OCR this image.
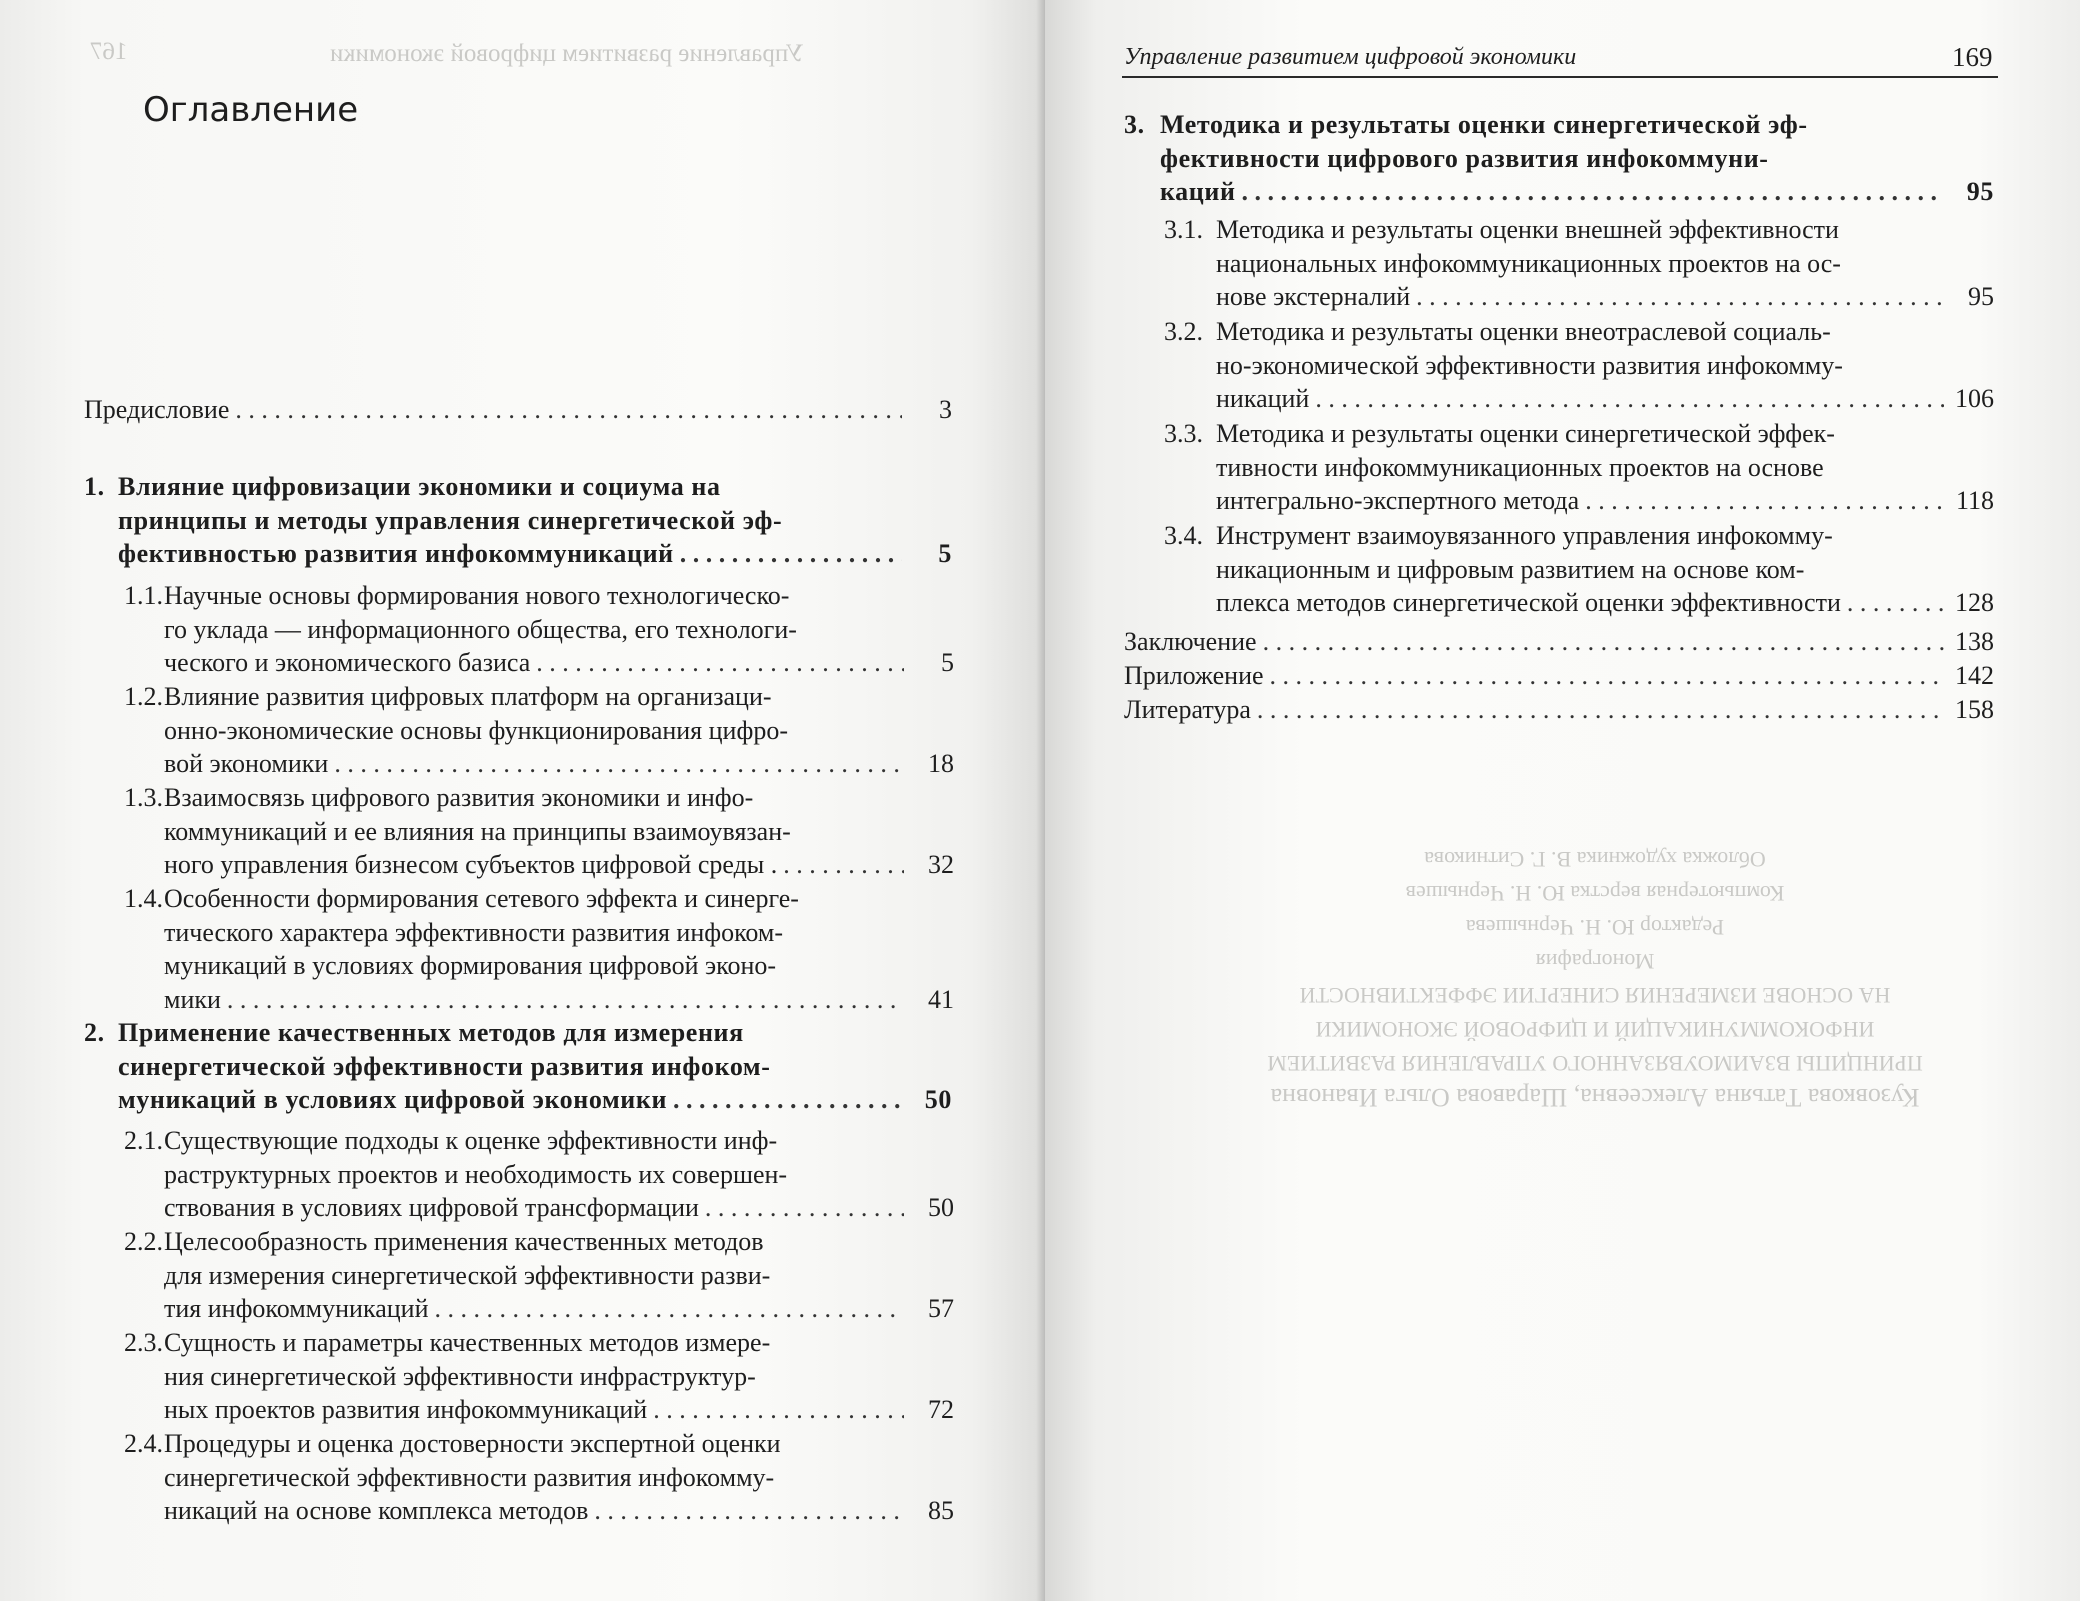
Управление развитием цифровой экономики
167
Оглавление
Предисловие . . .	3
Кузовкова Татьяна Алексеевна, Шаравова Ольга Ивановна
ПРИНЦИПЫ ВЗАИМОУВЯЗАННОГО УПРАВЛЕНИЯ РАЗВИТИЕМ
ИНФОКОММУНИКАЦИЙ И ЦИФРОВОЙ ЭКОНОМИКИ
НА ОСНОВЕ ИЗМЕРЕНИЯ СИНЕРГИИ ЭФФЕКТИВНОСТИ
Монография
Редактор Ю. Н. Чернышева
Компьютерная верстка Ю. Н. Чернышев
Обложка художника В. Г. Ситникова
Управление развитием цифровой экономики	169
1. Влияние цифровизации экономики и социума на
принципы и методы управления синергетической эф-
фективностью развития инфокоммуникаций . . .	5
1.1. Научные основы формирования нового технологическо-
го уклада — информационного общества, его технологи-
ческого и экономического базиса . . .	5
1.2. Влияние развития цифровых платформ на организаци-
онно-экономические основы функционирования цифро-
вой экономики . . .	18
1.3. Взаимосвязь цифрового развития экономики и инфо-
коммуникаций и ее влияния на принципы взаимоувязан-
ного управления бизнесом субъектов цифровой среды . . . .	32
1.4. Особенности формирования сетевого эффекта и синерге-
тического характера эффективности развития инфоком-
муникаций в условиях формирования цифровой эконо-
мики . . .	41
2. Применение качественных методов для измерения
синергетической эффективности развития инфоком-
муникаций в условиях цифровой экономики . . .	50
2.1. Существующие подходы к оценке эффективности инф-
раструктурных проектов и необходимость их совершен-
ствования в условиях цифровой трансформации . . .	50
2.2. Целесообразность применения качественных методов
для измерения синергетической эффективности разви-
тия инфокоммуникаций . . .	57
2.3. Сущность и параметры качественных методов измере-
ния синергетической эффективности инфраструктур-
ных проектов развития инфокоммуникаций . . .	72
2.4. Процедуры и оценка достоверности экспертной оценки
синергетической эффективности развития инфокомму-
никаций на основе комплекса методов . . .	85
3. Методика и результаты оценки синергетической эф-
фективности цифрового развития инфокоммуни-
каций . . .	95
3.1. Методика и результаты оценки внешней эффективности
национальных инфокоммуникационных проектов на ос-
нове экстерналий . . .	95
3.2. Методика и результаты оценки внеотраслевой социаль-
но-экономической эффективности развития инфокомму-
никаций . . .	106
3.3. Методика и результаты оценки синергетической эффек-
тивности инфокоммуникационных проектов на основе
интегрально-экспертного метода . . .	118
3.4. Инструмент взаимоувязанного управления инфокомму-
никационным и цифровым развитием на основе ком-
плекса методов синергетической оценки эффективности . . .	128
Заключение . . .	138
Приложение . . .	142
Литература . . .	158
